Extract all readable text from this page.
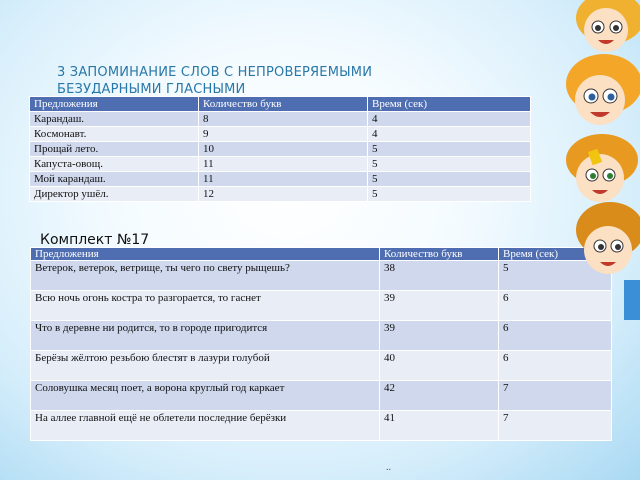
3 ЗАПОМИНАНИЕ СЛОВ С НЕПРОВЕРЯЕМЫМИ БЕЗУДАРНЫМИ ГЛАСНЫМИ
Предложения	Количество букв	Время (сек)
Карандаш.	8	4
Космонавт.	9	4
Прощай лето.	10	5
Капуста-овощ.	11	5
Мой карандаш.	11	5
Директор ушёл.	12	5
Комплект №17
Предложения	Количество букв	Время (сек)
Ветерок, ветерок, ветрище, ты чего по свету рыщешь?	38	5
Всю ночь огонь костра то разгорается, то гаснет	39	6
Что в деревне ни родится, то в городе пригодится	39	6
Берёзы жёлтою резьбою блестят в лазури голубой	40	6
Соловушка месяц поет, а ворона круглый год каркает	42	7
На аллее главной ещё не облетели последние берёзки	41	7
..
